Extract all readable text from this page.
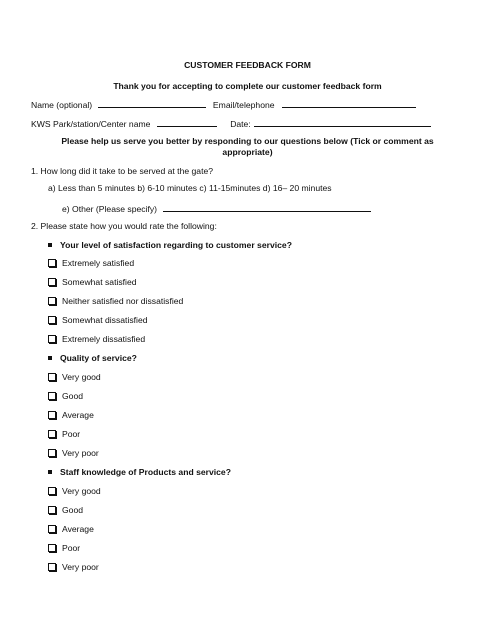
CUSTOMER FEEDBACK FORM
Thank you for accepting to complete our customer feedback form
Name (optional)	Email/telephone
KWS Park/station/Center name	Date:
Please help us serve you better by responding to our questions below (Tick or comment as
appropriate)
1. How long did it take to be served at the gate?
a) Less than 5 minutes b) 6-10 minutes c) 11-15minutes d) 16– 20 minutes
e) Other (Please specify)
2. Please state how you would rate the following:
Your level of satisfaction regarding to customer service?
Extremely satisfied
Somewhat satisfied
Neither satisfied nor dissatisfied
Somewhat dissatisfied
Extremely dissatisfied
Quality of service?
Very good
Good
Average
Poor
Very poor
Staff knowledge of Products and service?
Very good
Good
Average
Poor
Very poor
